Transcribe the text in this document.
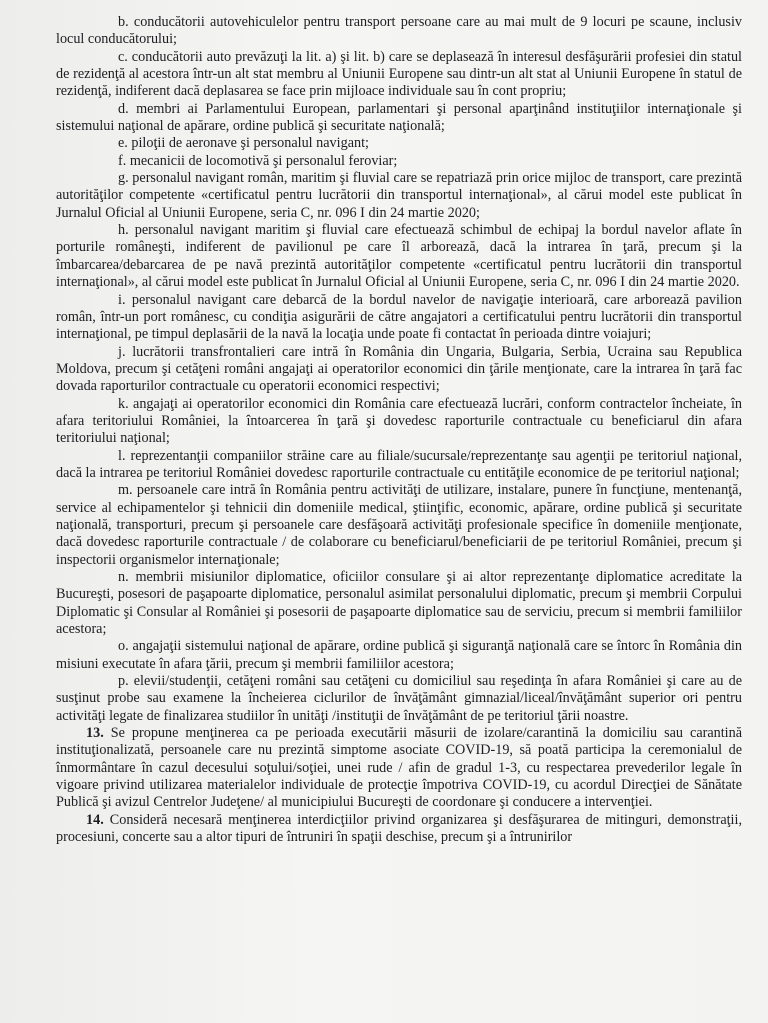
b. conducătorii autovehiculelor pentru transport persoane care au mai mult de 9 locuri pe scaune, inclusiv locul conducătorului;

c. conducătorii auto prevăzuţi la lit. a) şi lit. b) care se deplasează în interesul desfăşurării profesiei din statul de rezidenţă al acestora într-un alt stat membru al Uniunii Europene sau dintr-un alt stat al Uniunii Europene în statul de rezidenţă, indiferent dacă deplasarea se face prin mijloace individuale sau în cont propriu;

d. membri ai Parlamentului European, parlamentari şi personal aparţinând instituţiilor internaţionale şi sistemului naţional de apărare, ordine publică şi securitate naţională;

e. piloţii de aeronave şi personalul navigant;

f. mecanicii de locomotivă şi personalul feroviar;

g. personalul navigant român, maritim şi fluvial care se repatriază prin orice mijloc de transport, care prezintă autorităţilor competente «certificatul pentru lucrătorii din transportul internaţional», al cărui model este publicat în Jurnalul Oficial al Uniunii Europene, seria C, nr. 096 I din 24 martie 2020;

h. personalul navigant maritim şi fluvial care efectuează schimbul de echipaj la bordul navelor aflate în porturile româneşti, indiferent de pavilionul pe care îl arborează, dacă la intrarea în ţară, precum şi la îmbarcarea/debarcarea de pe navă prezintă autorităţilor competente «certificatul pentru lucrătorii din transportul internaţional», al cărui model este publicat în Jurnalul Oficial al Uniunii Europene, seria C, nr. 096 I din 24 martie 2020.

i. personalul navigant care debarcă de la bordul navelor de navigaţie interioară, care arborează pavilion român, într-un port românesc, cu condiţia asigurării de către angajatori a certificatului pentru lucrătorii din transportul internaţional, pe timpul deplasării de la navă la locaţia unde poate fi contactat în perioada dintre voiajuri;

j. lucrătorii transfrontalieri care intră în România din Ungaria, Bulgaria, Serbia, Ucraina sau Republica Moldova, precum şi cetăţeni români angajaţi ai operatorilor economici din ţările menţionate, care la intrarea în ţară fac dovada raporturilor contractuale cu operatorii economici respectivi;

k. angajaţi ai operatorilor economici din România care efectuează lucrări, conform contractelor încheiate, în afara teritoriului României, la întoarcerea în ţară şi dovedesc raporturile contractuale cu beneficiarul din afara teritoriului naţional;

l. reprezentanţii companiilor străine care au filiale/sucursale/reprezentanţe sau agenţii pe teritoriul naţional, dacă la intrarea pe teritoriul României dovedesc raporturile contractuale cu entităţile economice de pe teritoriul naţional;

m. persoanele care intră în România pentru activităţi de utilizare, instalare, punere în funcţiune, mentenanţă, service al echipamentelor şi tehnicii din domeniile medical, ştiinţific, economic, apărare, ordine publică şi securitate naţională, transporturi, precum şi persoanele care desfăşoară activităţi profesionale specifice în domeniile menţionate, dacă dovedesc raporturile contractuale / de colaborare cu beneficiarul/beneficiarii de pe teritoriul României, precum şi inspectorii organismelor internaţionale;

n. membrii misiunilor diplomatice, oficiilor consulare şi ai altor reprezentanţe diplomatice acreditate la Bucureşti, posesori de paşapoarte diplomatice, personalul asimilat personalului diplomatic, precum şi membrii Corpului Diplomatic şi Consular al României şi posesorii de paşapoarte diplomatice sau de serviciu, precum si membrii familiilor acestora;

o. angajaţii sistemului naţional de apărare, ordine publică şi siguranţă naţională care se întorc în România din misiuni executate în afara ţării, precum şi membrii familiilor acestora;

p. elevii/studenţii, cetăţeni români sau cetăţeni cu domiciliul sau reşedinţa în afara României şi care au de susţinut probe sau examene la încheierea ciclurilor de învăţământ gimnazial/liceal/învăţământ superior ori pentru activităţi legate de finalizarea studiilor în unităţi /instituţii de învăţământ de pe teritoriul ţării noastre.

13. Se propune menţinerea ca pe perioada executării măsurii de izolare/carantină la domiciliu sau carantină instituţionalizată, persoanele care nu prezintă simptome asociate COVID-19, să poată participa la ceremonialul de înmormântare în cazul decesului soţului/soţiei, unei rude / afin de gradul 1-3, cu respectarea prevederilor legale în vigoare privind utilizarea materialelor individuale de protecţie împotriva COVID-19, cu acordul Direcţiei de Sănătate Publică şi avizul Centrelor Judeţene/ al municipiului Bucureşti de coordonare şi conducere a intervenţiei.

14. Consideră necesară menţinerea interdicţiilor privind organizarea şi desfăşurarea de mitinguri, demonstraţii, procesiuni, concerte sau a altor tipuri de întruniri în spaţii deschise, precum şi a întrunirilor
